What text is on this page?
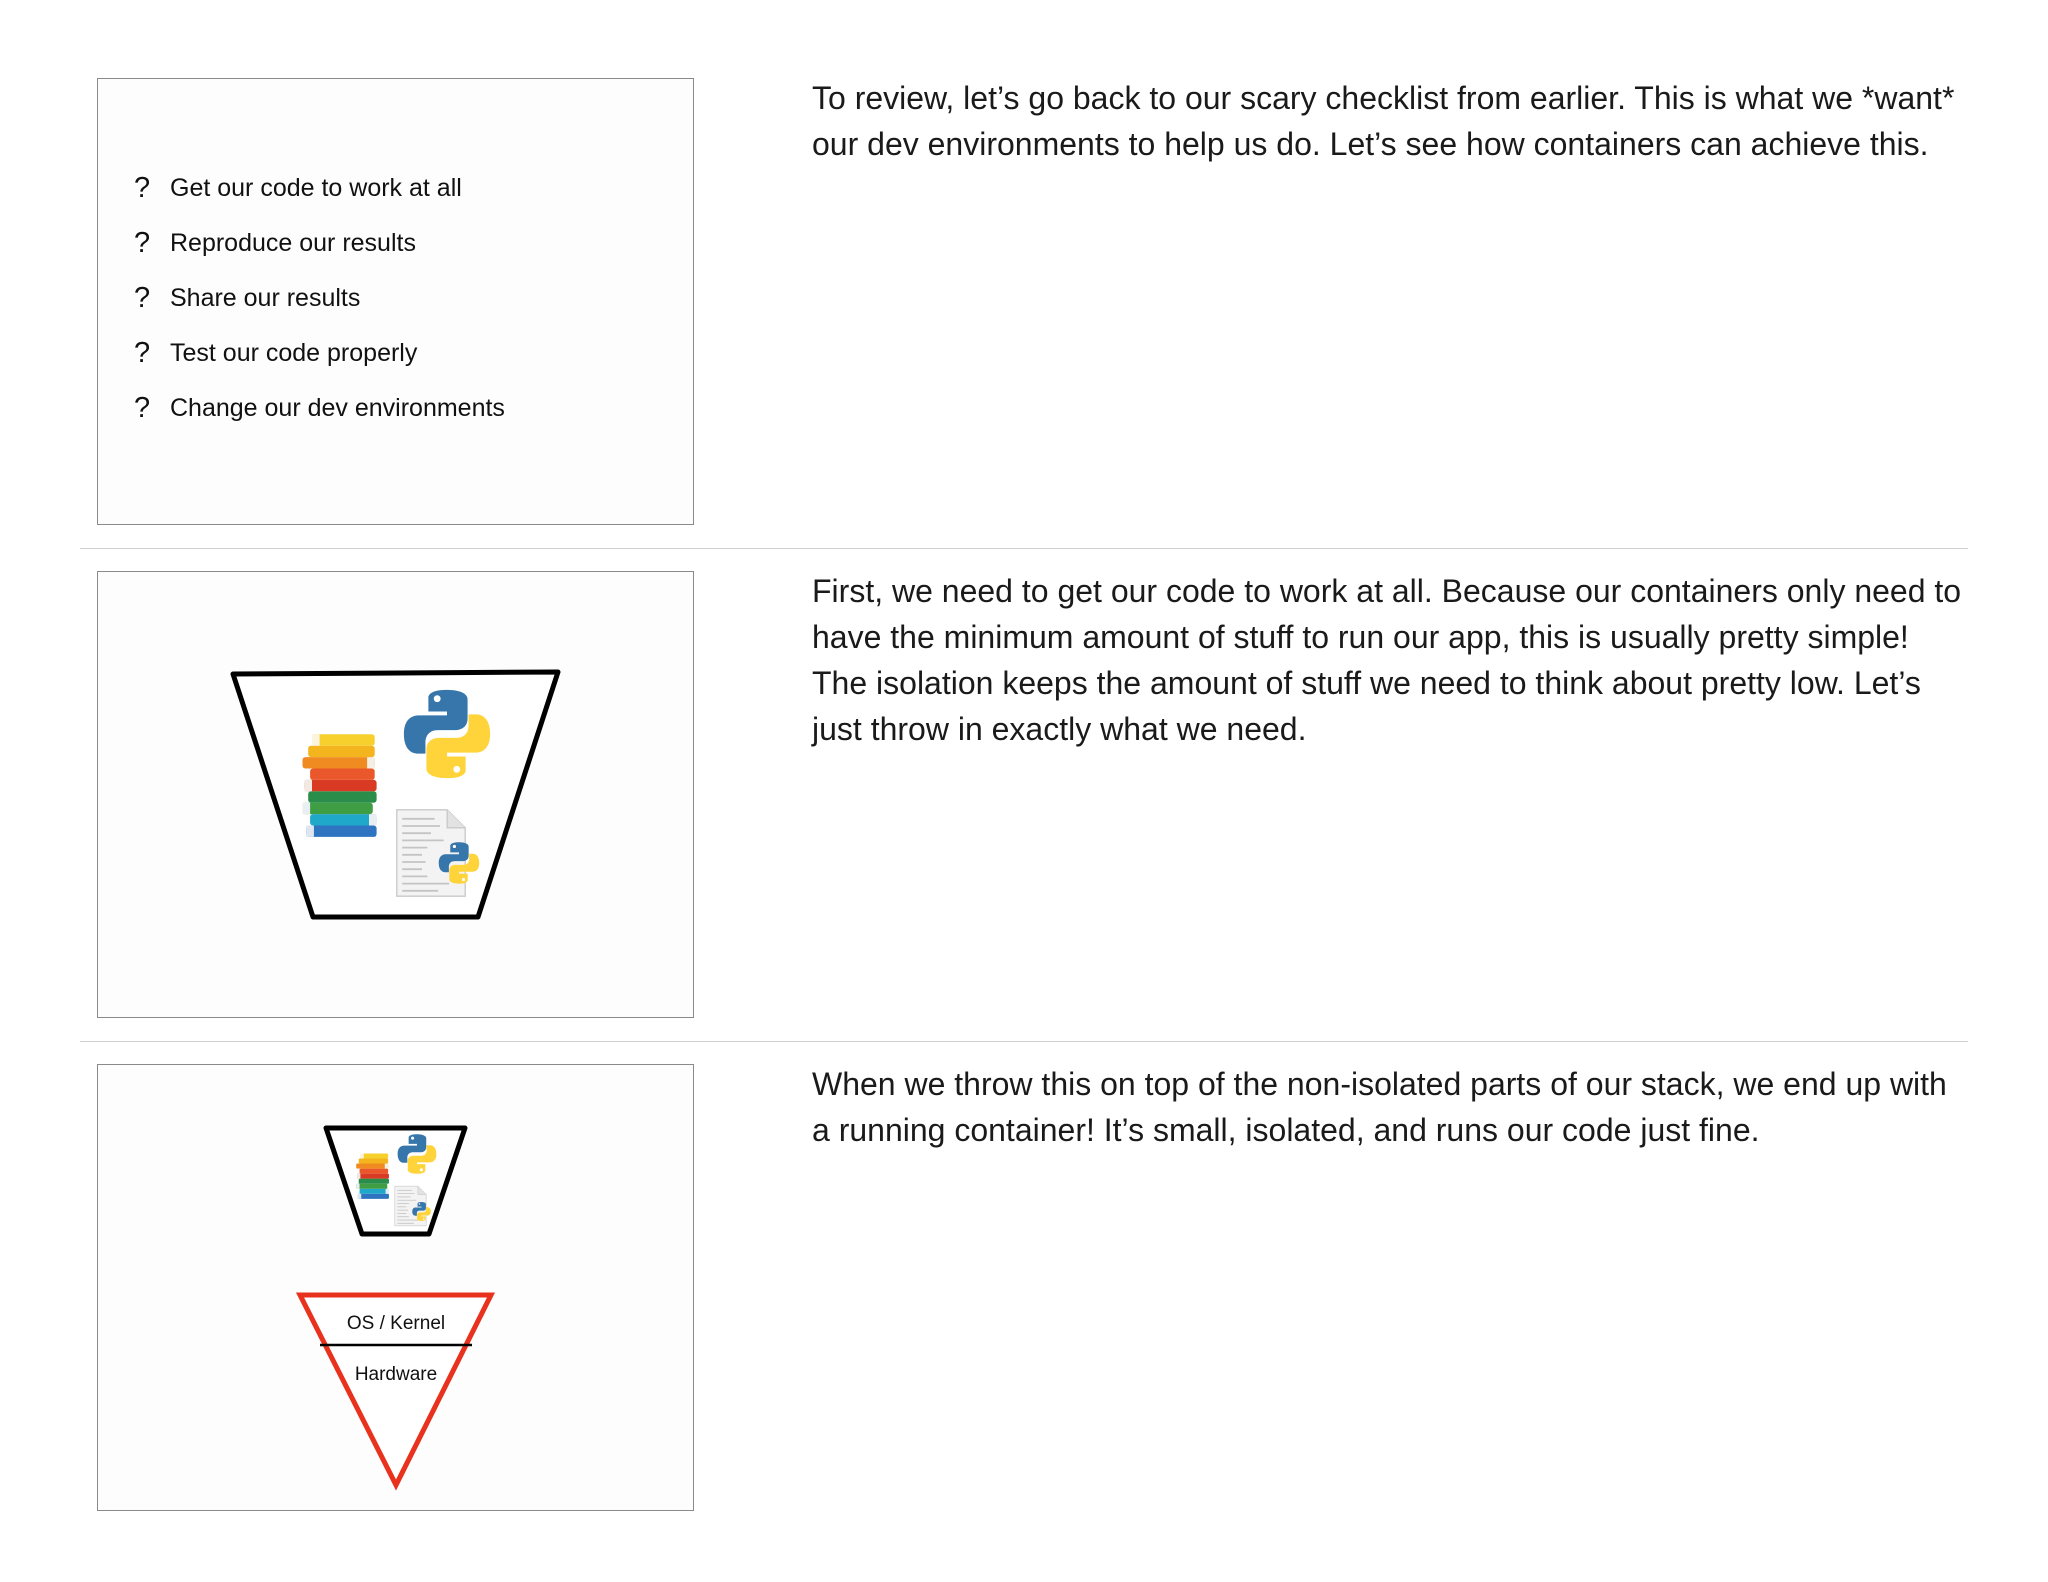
? Get our code to work at all
? Reproduce our results
? Share our results
? Test our code properly
? Change our dev environments

To review, let’s go back to our scary checklist from earlier. This is what we *want* our dev environments to help us do. Let’s see how containers can achieve this.

First, we need to get our code to work at all. Because our containers only need to have the minimum amount of stuff to run our app, this is usually pretty simple! The isolation keeps the amount of stuff we need to think about pretty low. Let’s just throw in exactly what we need.

OS / Kernel
Hardware

When we throw this on top of the non-isolated parts of our stack, we end up with a running container! It’s small, isolated, and runs our code just fine.
